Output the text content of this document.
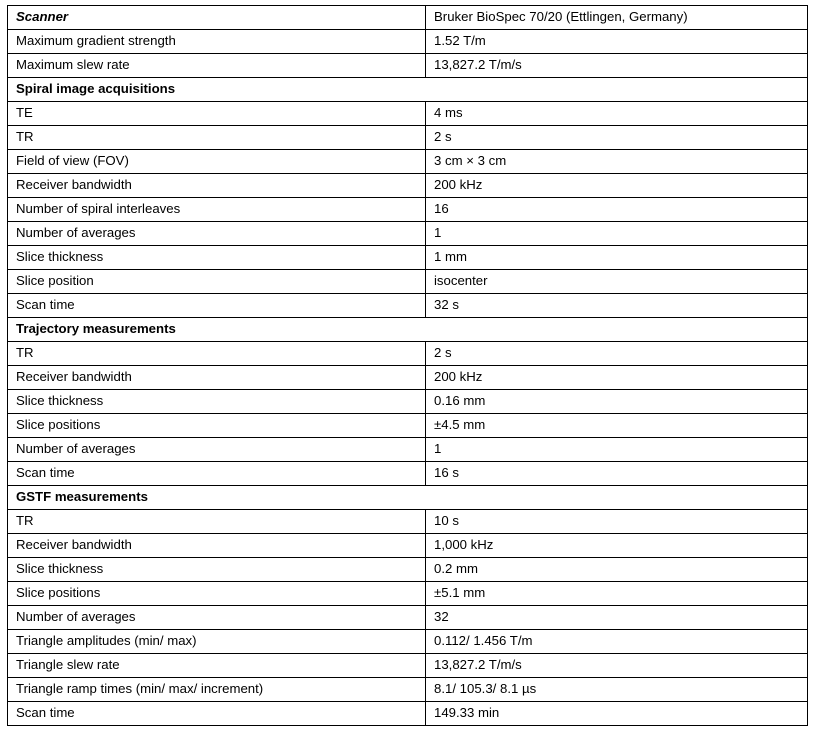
Scanner	Bruker BioSpec 70/20 (Ettlingen, Germany)
Maximum gradient strength	1.52 T/m
Maximum slew rate	13,827.2 T/m/s
Spiral image acquisitions	
TE	4 ms
TR	2 s
Field of view (FOV)	3 cm × 3 cm
Receiver bandwidth	200 kHz
Number of spiral interleaves	16
Number of averages	1
Slice thickness	1 mm
Slice position	isocenter
Scan time	32 s
Trajectory measurements	
TR	2 s
Receiver bandwidth	200 kHz
Slice thickness	0.16 mm
Slice positions	±4.5 mm
Number of averages	1
Scan time	16 s
GSTF measurements	
TR	10 s
Receiver bandwidth	1,000 kHz
Slice thickness	0.2 mm
Slice positions	±5.1 mm
Number of averages	32
Triangle amplitudes (min/ max)	0.112/ 1.456 T/m
Triangle slew rate	13,827.2 T/m/s
Triangle ramp times (min/ max/ increment)	8.1/ 105.3/ 8.1 µs
Scan time	149.33 min
